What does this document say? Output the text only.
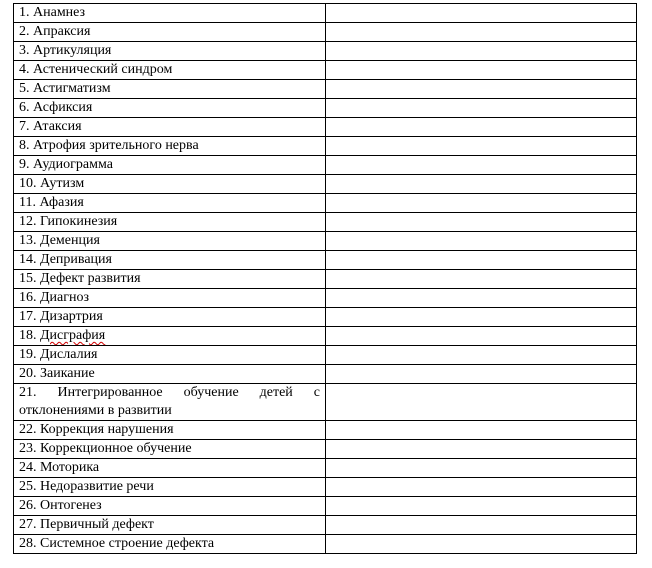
1. Анамнез	
2. Апраксия	
3. Артикуляция	
4. Астенический синдром	
5. Астигматизм	
6. Асфиксия	
7. Атаксия	
8. Атрофия зрительного нерва	
9. Аудиограмма	
10. Аутизм	
11. Афазия	
12. Гипокинезия	
13. Деменция	
14. Депривация	
15. Дефект развития	
16. Диагноз	
17. Дизартрия	
18. Дисграфия	
19. Дислалия	
20. Заикание	
21. Интегрированное обучение детей с отклонениями в развитии	
22. Коррекция нарушения	
23. Коррекционное обучение	
24. Моторика	
25. Недоразвитие речи	
26. Онтогенез	
27. Первичный дефект	
28. Системное строение дефекта	
